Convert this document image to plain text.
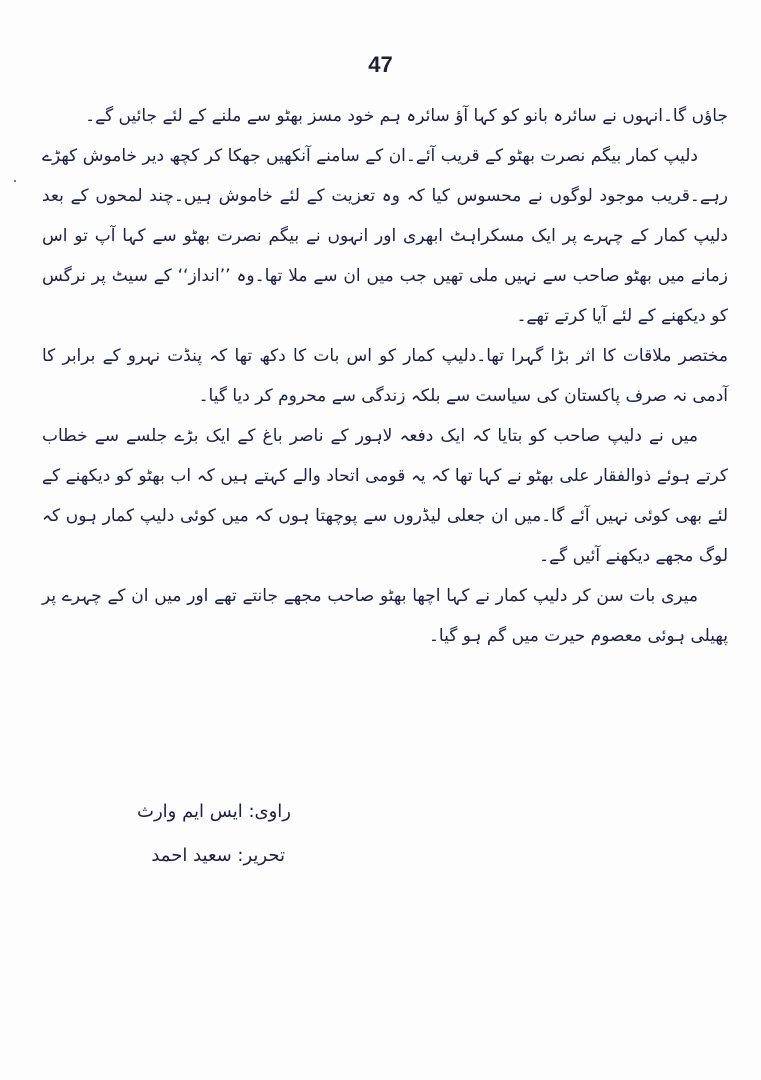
47

جاؤں گا۔انہوں نے سائرہ بانو کو کہا آؤ سائرہ ہم خود مسز بھٹو سے ملنے کے لئے جائیں گے۔

دلیپ کمار بیگم نصرت بھٹو کے قریب آئے۔ان کے سامنے آنکھیں جھکا کر کچھ دیر خاموش کھڑے رہے۔قریب موجود لوگوں نے محسوس کیا کہ وہ تعزیت کے لئے خاموش ہیں۔چند لمحوں کے بعد دلیپ کمار کے چہرے پر ایک مسکراہٹ ابھری اور انہوں نے بیگم نصرت بھٹو سے کہا آپ تو اس زمانے میں بھٹو صاحب سے نہیں ملی تھیں جب میں ان سے ملا تھا۔وہ ’’انداز‘‘ کے سیٹ پر نرگس کو دیکھنے کے لئے آیا کرتے تھے۔

مختصر ملاقات کا اثر بڑا گہرا تھا۔دلیپ کمار کو اس بات کا دکھ تھا کہ پنڈت نہرو کے برابر کا آدمی نہ صرف پاکستان کی سیاست سے بلکہ زندگی سے محروم کر دیا گیا۔

میں نے دلیپ صاحب کو بتایا کہ ایک دفعہ لاہور کے ناصر باغ کے ایک بڑے جلسے سے خطاب کرتے ہوئے ذوالفقار علی بھٹو نے کہا تھا کہ یہ قومی اتحاد والے کہتے ہیں کہ اب بھٹو کو دیکھنے کے لئے بھی کوئی نہیں آئے گا۔میں ان جعلی لیڈروں سے پوچھتا ہوں کہ میں کوئی دلیپ کمار ہوں کہ لوگ مجھے دیکھنے آئیں گے۔

میری بات سن کر دلیپ کمار نے کہا اچھا بھٹو صاحب مجھے جانتے تھے اور میں ان کے چہرے پر پھیلی ہوئی معصوم حیرت میں گم ہو گیا۔

راوی: ایس ایم وارث
تحریر: سعید احمد
